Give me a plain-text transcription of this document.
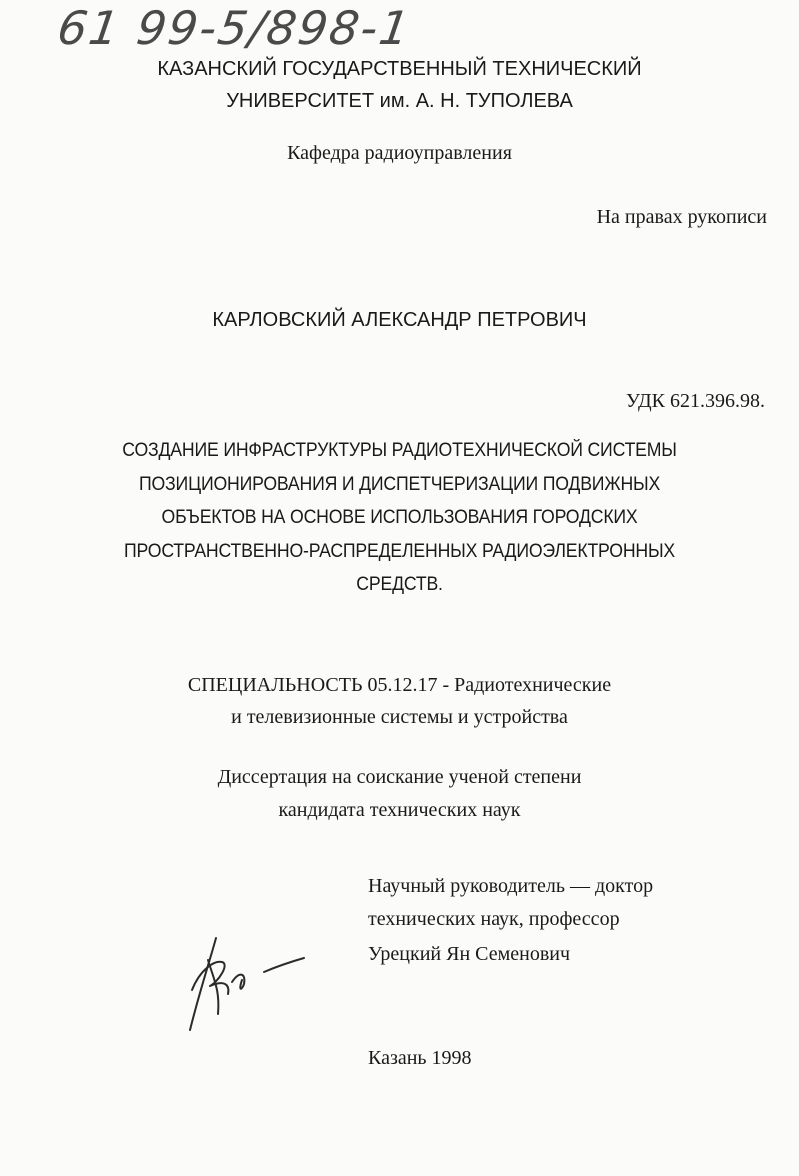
61 99-5/898-1
КАЗАНСКИЙ ГОСУДАРСТВЕННЫЙ ТЕХНИЧЕСКИЙ
УНИВЕРСИТЕТ им. А. Н. ТУПОЛЕВА
Кафедра радиоуправления
На правах рукописи
КАРЛОВСКИЙ АЛЕКСАНДР ПЕТРОВИЧ
УДК 621.396.98.
СОЗДАНИЕ ИНФРАСТРУКТУРЫ РАДИОТЕХНИЧЕСКОЙ СИСТЕМЫ
ПОЗИЦИОНИРОВАНИЯ И ДИСПЕТЧЕРИЗАЦИИ ПОДВИЖНЫХ
ОБЪЕКТОВ НА ОСНОВЕ ИСПОЛЬЗОВАНИЯ ГОРОДСКИХ
ПРОСТРАНСТВЕННО-РАСПРЕДЕЛЕННЫХ РАДИОЭЛЕКТРОННЫХ
СРЕДСТВ.
СПЕЦИАЛЬНОСТЬ 05.12.17 - Радиотехнические
и телевизионные системы и устройства
Диссертация на соискание ученой степени
кандидата технических наук
Научный руководитель — доктор
технических наук, профессор
Урецкий Ян Семенович
Казань 1998
